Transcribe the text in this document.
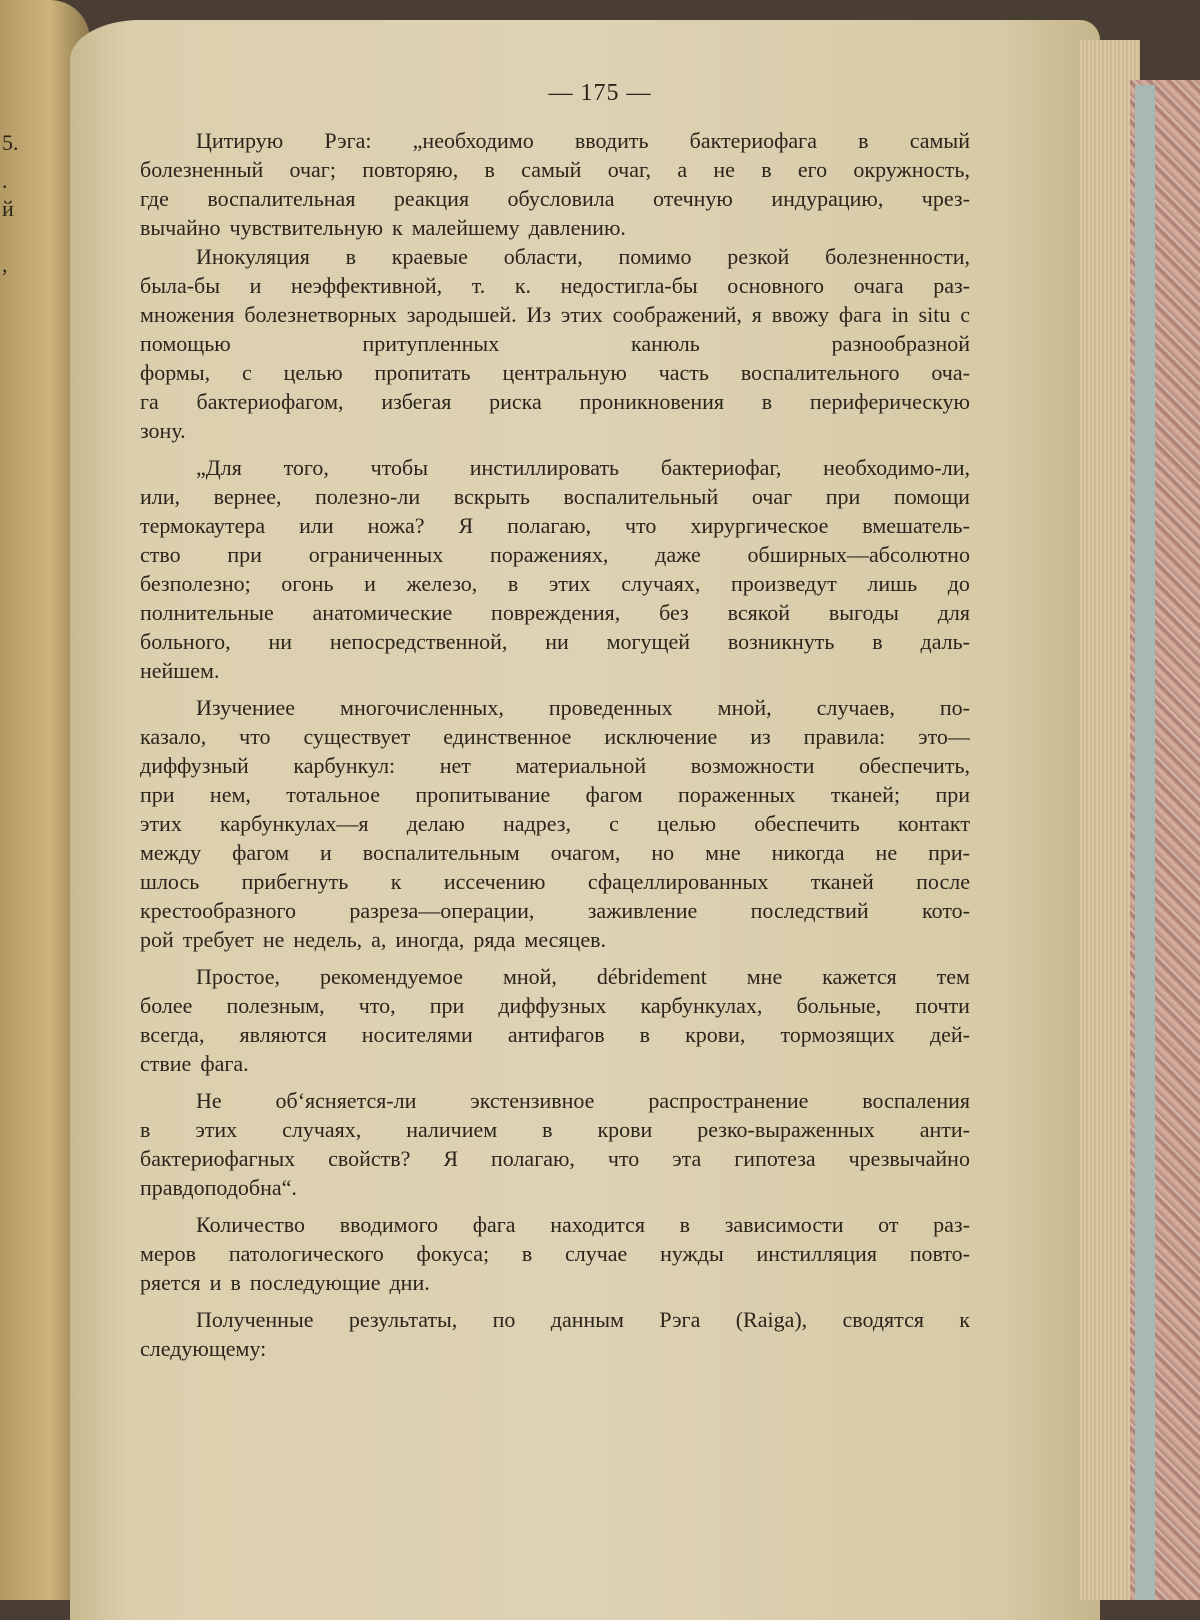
5.
.
й
,
— 175 —
Цитирую Рэга: „необходимо вводить бактериофага в самый
болезненный очаг; повторяю, в самый очаг, а не в его окружность,
где воспалительная реакция обусловила отечную индурацию, чрез-
вычайно чувствительную к малейшему давлению.
Инокуляция в краевые области, помимо резкой болезненности,
была-бы и неэффективной, т. к. недостигла-бы основного очага раз-
множения болезнетворных зародышей. Из этих соображений, я ввожу фага in situ с помощью притупленных канюль разнообразной
формы, с целью пропитать центральную часть воспалительного оча-
га бактериофагом, избегая риска проникновения в периферическую
зону.
„Для того, чтобы инстиллировать бактериофаг, необходимо-ли,
или, вернее, полезно-ли вскрыть воспалительный очаг при помощи
термокаутера или ножа? Я полагаю, что хирургическое вмешатель-
ство при ограниченных поражениях, даже обширных—абсолютно
безполезно; огонь и железо, в этих случаях, произведут лишь до
полнительные анатомические повреждения, без всякой выгоды для
больного, ни непосредственной, ни могущей возникнуть в даль-
нейшем.
Изучениее многочисленных, проведенных мной, случаев, по-
казало, что существует единственное исключение из правила: это—
диффузный карбункул: нет материальной возможности обеспечить,
при нем, тотальное пропитывание фагом пораженных тканей; при
этих карбункулах—я делаю надрез, с целью обеспечить контакт
между фагом и воспалительным очагом, но мне никогда не при-
шлось прибегнуть к иссечению сфацеллированных тканей после
крестообразного разреза—операции, заживление последствий кото-
рой требует не недель, а, иногда, ряда месяцев.
Простое, рекомендуемое мной, débridement мне кажется тем
более полезным, что, при диффузных карбункулах, больные, почти
всегда, являются носителями антифагов в крови, тормозящих дей-
ствие фага.
Не об‘ясняется-ли экстензивное распространение воспаления
в этих случаях, наличием в крови резко-выраженных анти-
бактериофагных свойств? Я полагаю, что эта гипотеза чрезвычайно
правдоподобна“.
Количество вводимого фага находится в зависимости от раз-
меров патологического фокуса; в случае нужды инстилляция повто-
ряется и в последующие дни.
Полученные результаты, по данным Рэга (Raiga), сводятся к
следующему:
